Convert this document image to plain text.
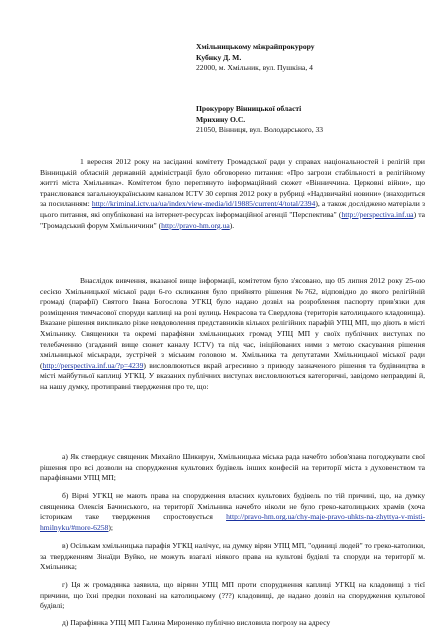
Хмільницькому міжрайпрокурору
Кубнку Д. М.
22000, м. Хмільник, вул. Пушкіна, 4
Прокурору Вінницької області
Мрихину О.С.
21050, Вінниця, вул. Володарського, 33
1 вересня 2012 року на засіданні комітету Громадської ради у справах національностей і релігій при Вінницькій обласній державній адміністрації було обговорено питання: «Про загрози стабільності в релігійному житті міста Хмільника». Комітетом було переглянуто інформаційний сюжет «Вінниччина. Церковні війни», що транслювався загальноукраїнським каналом ICTV 30 серпня 2012 року в рубриці «Надзвичайні новини» (знаходиться за посиланням: http://kriminal.ictv.ua/ua/index/view-media/id/19885/current/4/total/2394), а також досліджено матеріали з цього питання, які опубліковані на інтернет-ресурсах інформаційної агенції "Перспектива" (http://perspectiva.inf.ua) та "Громадський форум Хмільничини" (http://pravo-hm.org.ua).
Внаслідок вивчення, вказаної вище інформації, комітетом було з'ясовано, що 05 липня 2012 року 25-ою сесією Хмільницької міської ради 6-го скликання було прийнято рішення №762, відповідно до якого релігійній громаді (парафії) Святого Івана Богослова УГКЦ було надано дозвіл на розроблення паспорту прив'язки для розміщення тимчасової споруди каплиці на розі вулиць Некрасова та Свердлова (територія католицького кладовища). Вказане рішення викликало різке невдоволення представників кількох релігійних парафій УПЦ МП, що діють в місті Хмільнику. Священики та окремі парафіяни хмільницьких громад УПЦ МП у своїх публічних виступах по телебаченню (згаданий вище сюжет каналу ICTV) та під час, ініційованих ними з метою скасування рішення хмільницької міськради, зустрічей з міським головою м. Хмільника та депутатами Хмільницької міської ради (http://perspectiva.inf.ua/?p=4239) висловлюються вкрай агресивно з приводу зазначеного рішення та будівництва в місті майбутньої каплиці УГКЦ. У вказаних публічних виступах висловлюються категоричні, завідомо неправдиві й, на нашу думку, протиправні твердження про те, що:
а) Як стверджує священик Михайло Шикирун, Хмільницька міська рада начебто зобов'язана погоджувати свої рішення про всі дозволи на спорудження культових будівель інших конфесій на території міста з духовенством та парафіянами УПЦ МП;
б) Вірні УГКЦ не мають права на спорудження власних культових будівель по тій причині, що, на думку священика Олексія Бачинського, на території Хмільника начебто ніколи не було греко-католицьких храмів (хоча історикам таке твердження спростовується http://pravo-hm.org.ua/chy-maje-pravo-uhkts-na-zhyttya-v-misti-hmilnyku/#more-6258);
в) Осількам хмільницька парафія УГКЦ налічує, на думку вірян УПЦ МП, "одиниці людей" то греко-католики, за твердженням Зінаїди Вуйко, не можуть взагалі ніякого права на культові будівлі та споруди на території м. Хмільника;
г) Ця ж громадянка заявила, що вірянн УПЦ МП проти спорудження каплиці УГКЦ на кладовищі з тієї причини, що їхні предки поховані на католицькому (???) кладовищі, де надано дозвіл на спорудження культової будівлі;
д) Парафіянка УПЦ МП Галина Мироненко публічно висловила погрозу на адресу
